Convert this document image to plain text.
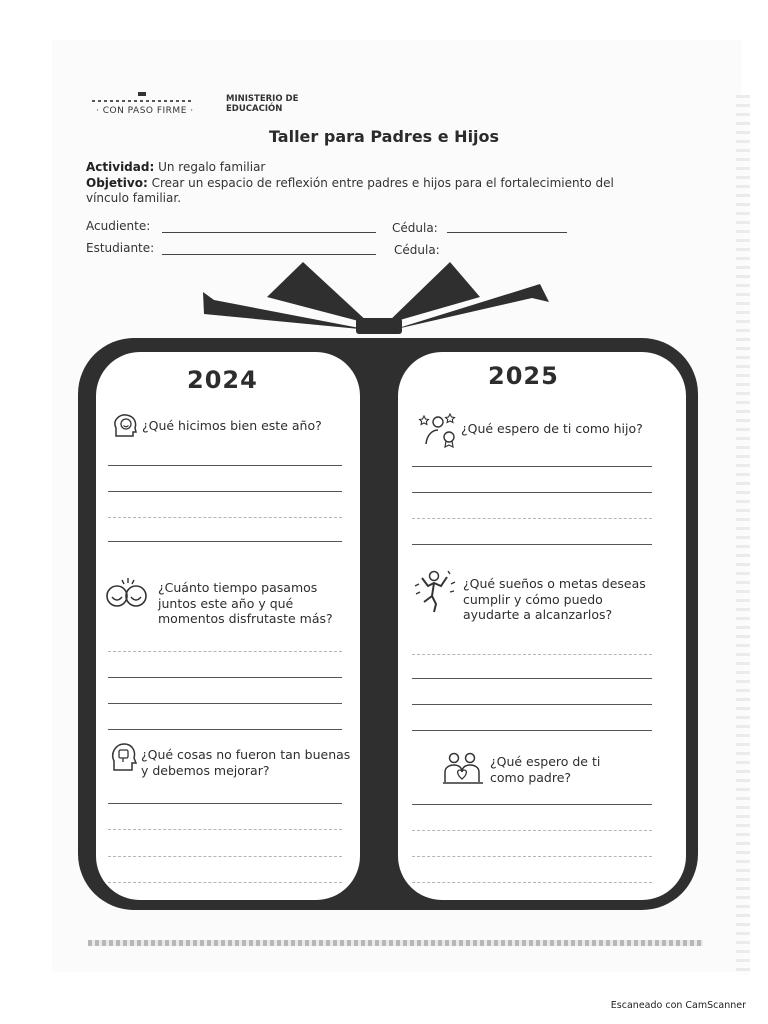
· CON PASO FIRME ·
MINISTERIO DE EDUCACIÓN
Taller para Padres e Hijos
Actividad: Un regalo familiar
Objetivo: Crear un espacio de reflexión entre padres e hijos para el fortalecimiento del vínculo familiar.
Acudiente:	Cédula:
Estudiante:	Cédula:
2024	2025
¿Qué hicimos bien este año?
¿Cuánto tiempo pasamos juntos este año y qué momentos disfrutaste más?
¿Qué cosas no fueron tan buenas y debemos mejorar?
¿Qué espero de ti como hijo?
¿Qué sueños o metas deseas cumplir y cómo puedo ayudarte a alcanzarlos?
¿Qué espero de ti como padre?
Escaneado con CamScanner
